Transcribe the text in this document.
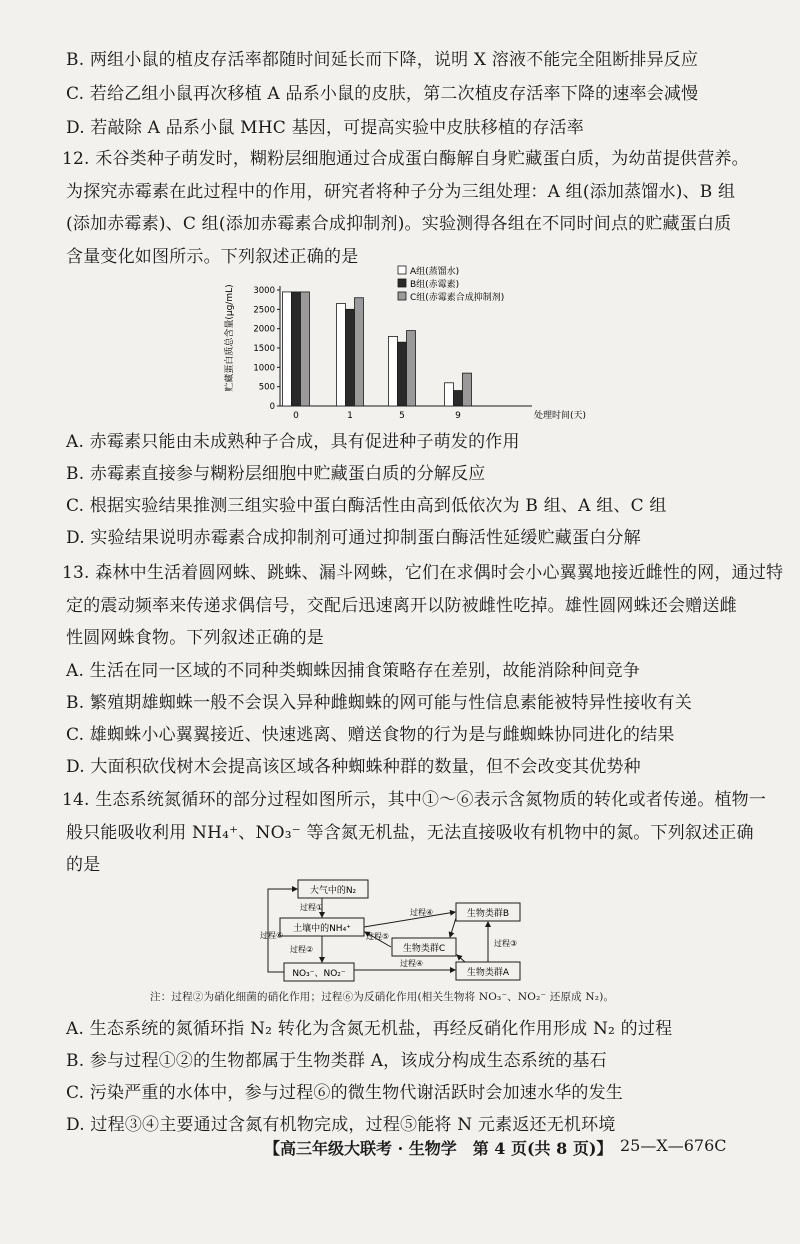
B. 两组小鼠的植皮存活率都随时间延长而下降，说明 X 溶液不能完全阻断排异反应
C. 若给乙组小鼠再次移植 A 品系小鼠的皮肤，第二次植皮存活率下降的速率会减慢
D. 若敲除 A 品系小鼠 MHC 基因，可提高实验中皮肤移植的存活率
12. 禾谷类种子萌发时，糊粉层细胞通过合成蛋白酶解自身贮藏蛋白质，为幼苗提供营养。
为探究赤霉素在此过程中的作用，研究者将种子分为三组处理：A 组(添加蒸馏水)、B 组
(添加赤霉素)、C 组(添加赤霉素合成抑制剂)。实验测得各组在不同时间点的贮藏蛋白质
含量变化如图所示。下列叙述正确的是
贮藏蛋白质总含量(μg/mL)
0
500
1000
1500
2000
2500
3000
0	1	5	9	处理时间(天)
A组(蒸馏水)
B组(赤霉素)
C组(赤霉素合成抑制剂)
A. 赤霉素只能由未成熟种子合成，具有促进种子萌发的作用
B. 赤霉素直接参与糊粉层细胞中贮藏蛋白质的分解反应
C. 根据实验结果推测三组实验中蛋白酶活性由高到低依次为 B 组、A 组、C 组
D. 实验结果说明赤霉素合成抑制剂可通过抑制蛋白酶活性延缓贮藏蛋白分解
13. 森林中生活着圆网蛛、跳蛛、漏斗网蛛，它们在求偶时会小心翼翼地接近雌性的网，通过特
定的震动频率来传递求偶信号，交配后迅速离开以防被雌性吃掉。雄性圆网蛛还会赠送雌
性圆网蛛食物。下列叙述正确的是
A. 生活在同一区域的不同种类蜘蛛因捕食策略存在差别，故能消除种间竞争
B. 繁殖期雄蜘蛛一般不会误入异种雌蜘蛛的网可能与性信息素能被特异性接收有关
C. 雄蜘蛛小心翼翼接近、快速逃离、赠送食物的行为是与雌蜘蛛协同进化的结果
D. 大面积砍伐树木会提高该区域各种蜘蛛种群的数量，但不会改变其优势种
14. 生态系统氮循环的部分过程如图所示，其中①～⑥表示含氮物质的转化或者传递。植物一
般只能吸收利用 NH₄⁺、NO₃⁻ 等含氮无机盐，无法直接吸收有机物中的氮。下列叙述正确
的是
大气中的N₂
土壤中的NH₄⁺
NO₃⁻、NO₂⁻
生物类群B
生物类群C
生物类群A
过程①
过程②
过程⑥
过程④
过程⑤
过程④
过程③
注：过程②为硝化细菌的硝化作用；过程⑥为反硝化作用(相关生物将 NO₃⁻、NO₂⁻ 还原成 N₂)。
A. 生态系统的氮循环指 N₂ 转化为含氮无机盐，再经反硝化作用形成 N₂ 的过程
B. 参与过程①②的生物都属于生物类群 A，该成分构成生态系统的基石
C. 污染严重的水体中，参与过程⑥的微生物代谢活跃时会加速水华的发生
D. 过程③④主要通过含氮有机物完成，过程⑤能将 N 元素返还无机环境
【高三年级大联考 · 生物学　第 4 页(共 8 页)】 25—X—676C
